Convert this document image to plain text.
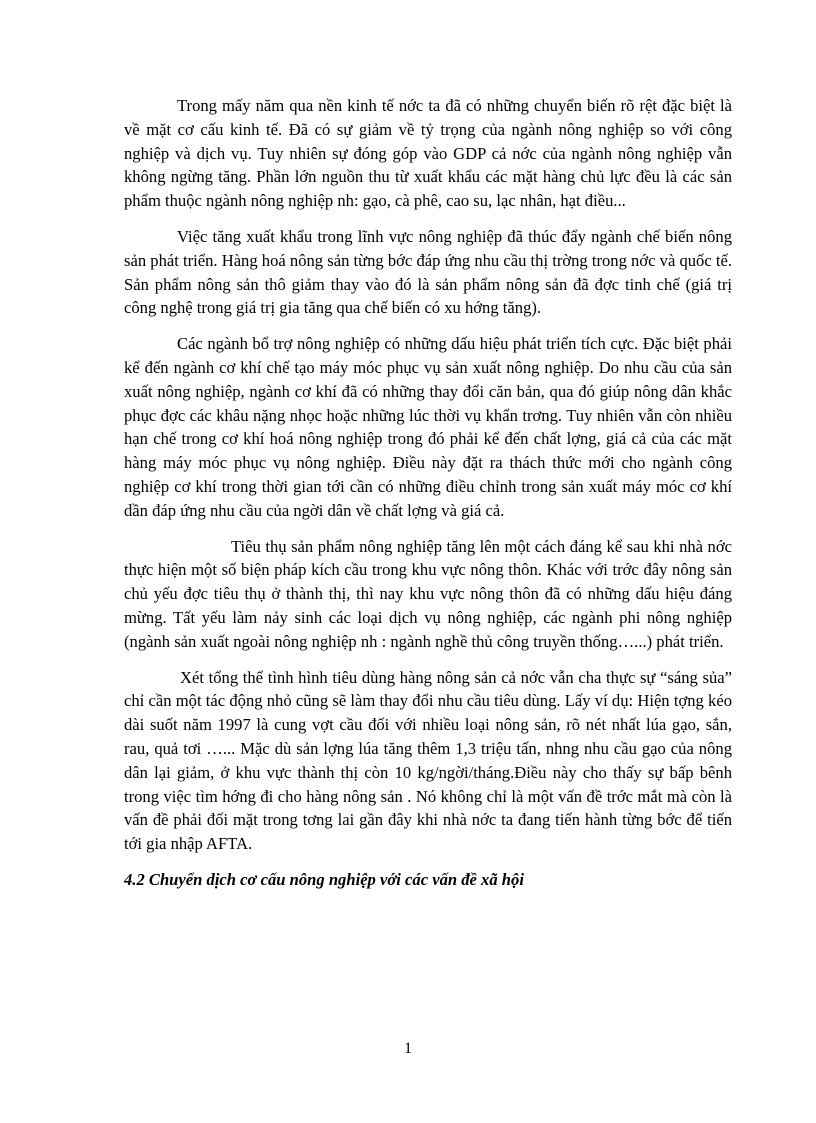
Trong mấy năm qua nền kinh tế nớc ta đã có những chuyển biến rõ rệt đặc biệt là về mặt cơ cấu kinh tế. Đã có sự giảm về tỷ trọng của ngành nông nghiệp so với công nghiệp và dịch vụ. Tuy nhiên sự đóng góp vào GDP cả nớc của ngành nông nghiệp vẫn không ngừng tăng. Phần lớn nguồn thu từ xuất khẩu các mặt hàng chủ lực đều là các sản phẩm thuộc ngành nông nghiệp nh: gạo, cà phê, cao su, lạc nhân, hạt điều...

Việc tăng xuất khẩu trong lĩnh vực nông nghiệp đã thúc đẩy ngành chế biến nông sản phát triển. Hàng hoá nông sản từng bớc đáp ứng nhu cầu thị trờng trong nớc và quốc tế. Sản phẩm nông sản thô giảm thay vào đó là sản phẩm nông sản đã đợc tinh chế (giá trị công nghệ trong giá trị gia tăng qua chế biến có xu hớng tăng).

Các ngành bổ trợ nông nghiệp có những dấu hiệu phát triển tích cực. Đặc biệt phải kể đến ngành cơ khí chế tạo máy móc phục vụ sản xuất nông nghiệp. Do nhu cầu của sản xuất nông nghiệp, ngành cơ khí đã có những thay đổi căn bản, qua đó giúp nông dân khắc phục đợc các khâu nặng nhọc hoặc những lúc thời vụ khẩn trơng. Tuy nhiên vẫn còn nhiều hạn chế trong cơ khí hoá nông nghiệp trong đó phải kể đến chất lợng, giá cả của các mặt hàng máy móc phục vụ nông nghiệp. Điều này đặt ra thách thức mới cho ngành công nghiệp cơ khí trong thời gian tới cần có những điều chỉnh trong sản xuất máy móc cơ khí dần đáp ứng nhu cầu của ngời dân về chất lợng và giá cả.

Tiêu thụ sản phẩm nông nghiệp tăng lên một cách đáng kể sau khi nhà nớc thực hiện một số biện pháp kích cầu trong khu vực nông thôn. Khác với trớc đây nông sản chủ yếu đợc tiêu thụ ở thành thị, thì nay khu vực nông thôn đã có những dấu hiệu đáng mừng. Tất yếu làm nảy sinh các loại dịch vụ nông nghiệp, các ngành phi nông nghiệp (ngành sản xuất ngoài nông nghiệp nh : ngành nghề thủ công truyền thống…...) phát triển.

Xét tổng thể tình hình tiêu dùng hàng nông sản cả nớc vẫn cha thực sự “sáng sủa” chỉ cần một tác động nhỏ cũng sẽ làm thay đổi nhu cầu tiêu dùng. Lấy ví dụ: Hiện tợng kéo dài suốt năm 1997 là cung vợt cầu đối với nhiều loại nông sản, rõ nét nhất lúa gạo, sắn, rau, quả tơi …... Mặc dù sản lợng lúa tăng thêm 1,3 triệu tấn, nhng nhu cầu gạo của nông dân lại giảm, ở khu vực thành thị còn 10 kg/ngời/tháng.Điều này cho thấy sự bấp bênh trong việc tìm hớng đi cho hàng nông sản . Nó không chỉ là một vấn đề trớc mắt mà còn là vấn đề phải đối mặt trong tơng lai gần đây khi nhà nớc ta đang tiến hành từng bớc để tiến tới gia nhập AFTA.

4.2 Chuyển dịch cơ cấu nông nghiệp với các vấn đề xã hội
1
